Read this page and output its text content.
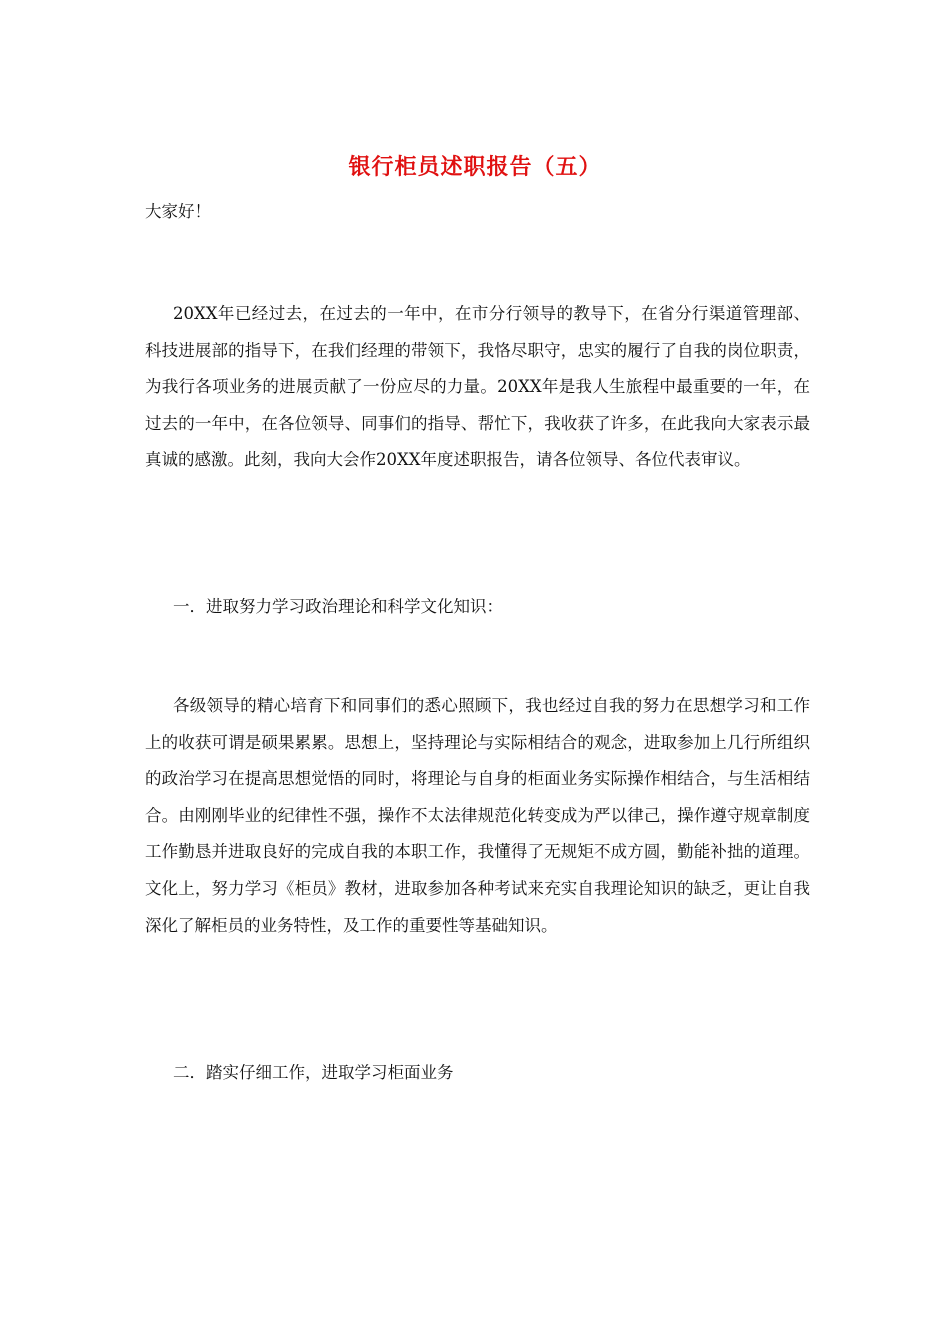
银行柜员述职报告（五）

大家好！

20XX年已经过去，在过去的一年中，在市分行领导的教导下，在省分行渠道管理部、科技进展部的指导下，在我们经理的带领下，我恪尽职守，忠实的履行了自我的岗位职责，为我行各项业务的进展贡献了一份应尽的力量。20XX年是我人生旅程中最重要的一年，在过去的一年中，在各位领导、同事们的指导、帮忙下，我收获了许多，在此我向大家表示最真诚的感激。此刻，我向大会作20XX年度述职报告，请各位领导、各位代表审议。

一．进取努力学习政治理论和科学文化知识：

各级领导的精心培育下和同事们的悉心照顾下，我也经过自我的努力在思想学习和工作上的收获可谓是硕果累累。思想上，坚持理论与实际相结合的观念，进取参加上几行所组织的政治学习在提高思想觉悟的同时，将理论与自身的柜面业务实际操作相结合，与生活相结合。由刚刚毕业的纪律性不强，操作不太法律规范化转变成为严以律己，操作遵守规章制度工作勤恳并进取良好的完成自我的本职工作，我懂得了无规矩不成方圆，勤能补拙的道理。文化上，努力学习《柜员》教材，进取参加各种考试来充实自我理论知识的缺乏，更让自我深化了解柜员的业务特性，及工作的重要性等基础知识。

二．踏实仔细工作，进取学习柜面业务
